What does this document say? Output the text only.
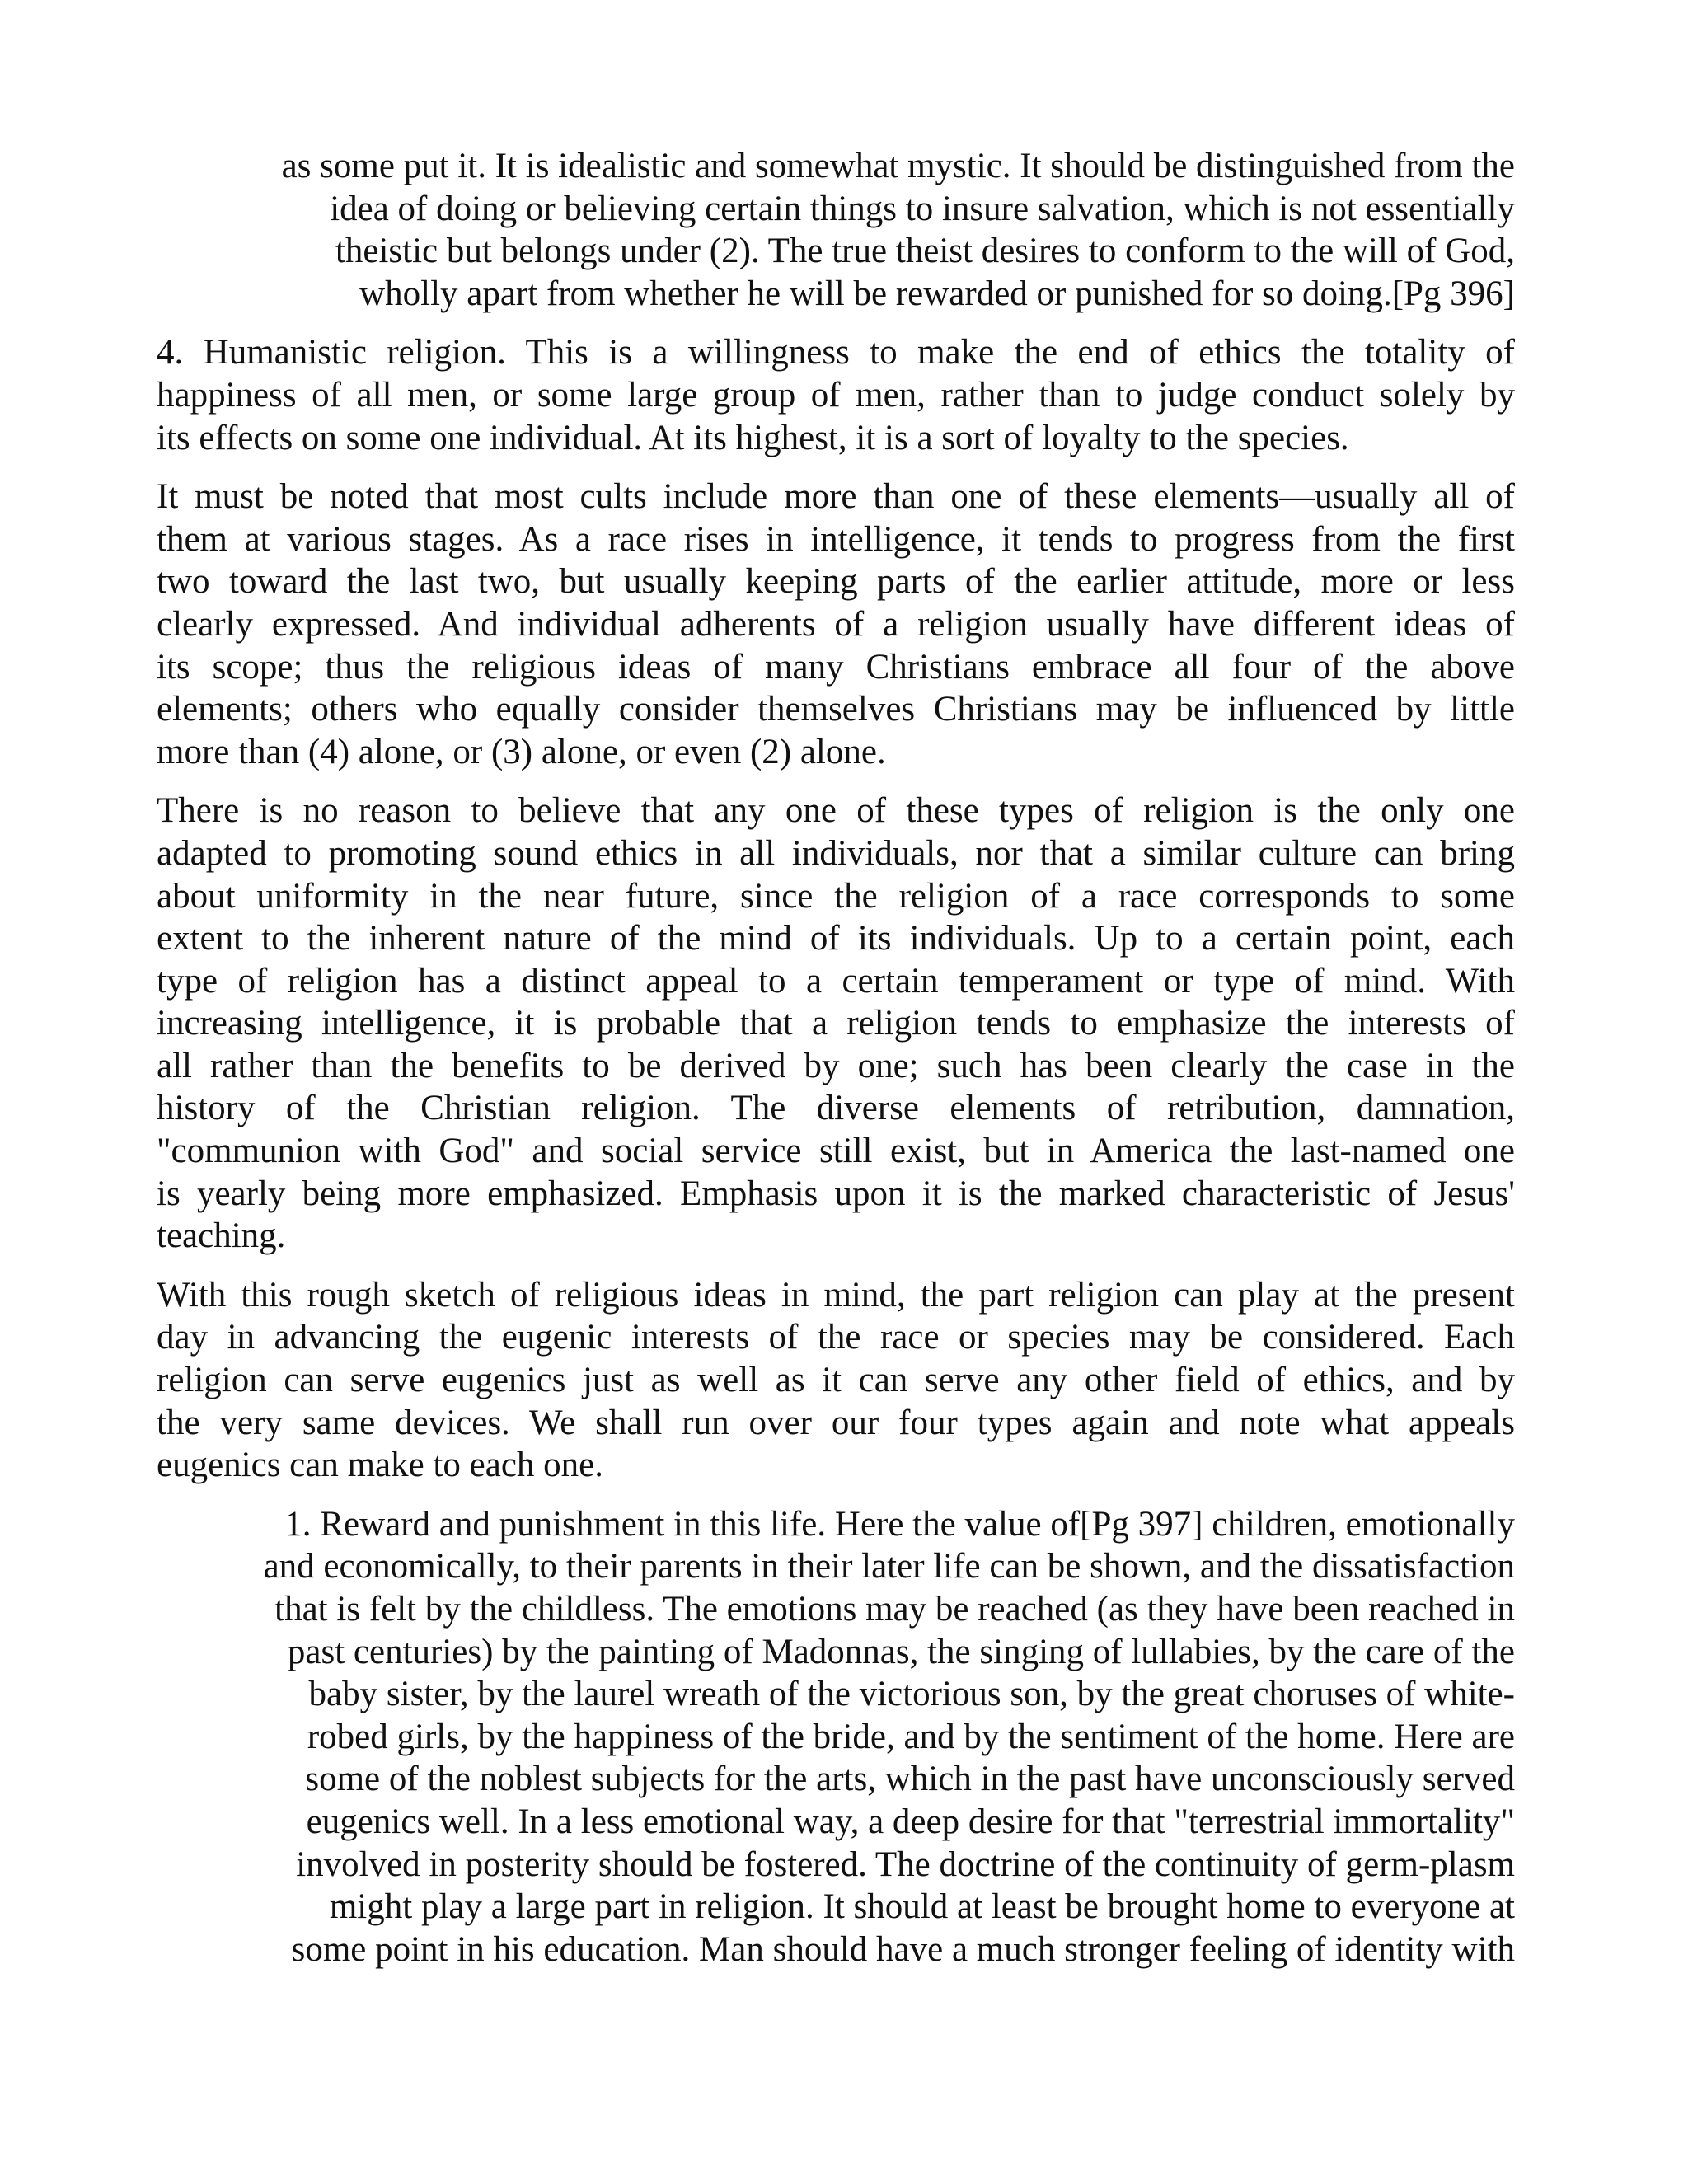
as some put it. It is idealistic and somewhat mystic. It should be distinguished from the
idea of doing or believing certain things to insure salvation, which is not essentially
theistic but belongs under (2). The true theist desires to conform to the will of God,
wholly apart from whether he will be rewarded or punished for so doing.[Pg 396]
4. Humanistic religion. This is a willingness to make the end of ethics the totality of
happiness of all men, or some large group of men, rather than to judge conduct solely by
its effects on some one individual. At its highest, it is a sort of loyalty to the species.
It must be noted that most cults include more than one of these elements—usually all of
them at various stages. As a race rises in intelligence, it tends to progress from the first
two toward the last two, but usually keeping parts of the earlier attitude, more or less
clearly expressed. And individual adherents of a religion usually have different ideas of
its scope; thus the religious ideas of many Christians embrace all four of the above
elements; others who equally consider themselves Christians may be influenced by little
more than (4) alone, or (3) alone, or even (2) alone.
There is no reason to believe that any one of these types of religion is the only one
adapted to promoting sound ethics in all individuals, nor that a similar culture can bring
about uniformity in the near future, since the religion of a race corresponds to some
extent to the inherent nature of the mind of its individuals. Up to a certain point, each
type of religion has a distinct appeal to a certain temperament or type of mind. With
increasing intelligence, it is probable that a religion tends to emphasize the interests of
all rather than the benefits to be derived by one; such has been clearly the case in the
history of the Christian religion. The diverse elements of retribution, damnation,
"communion with God" and social service still exist, but in America the last-named one
is yearly being more emphasized. Emphasis upon it is the marked characteristic of Jesus'
teaching.
With this rough sketch of religious ideas in mind, the part religion can play at the present
day in advancing the eugenic interests of the race or species may be considered. Each
religion can serve eugenics just as well as it can serve any other field of ethics, and by
the very same devices. We shall run over our four types again and note what appeals
eugenics can make to each one.
1. Reward and punishment in this life. Here the value of[Pg 397] children, emotionally
and economically, to their parents in their later life can be shown, and the dissatisfaction
that is felt by the childless. The emotions may be reached (as they have been reached in
past centuries) by the painting of Madonnas, the singing of lullabies, by the care of the
baby sister, by the laurel wreath of the victorious son, by the great choruses of white-
robed girls, by the happiness of the bride, and by the sentiment of the home. Here are
some of the noblest subjects for the arts, which in the past have unconsciously served
eugenics well. In a less emotional way, a deep desire for that "terrestrial immortality"
involved in posterity should be fostered. The doctrine of the continuity of germ-plasm
might play a large part in religion. It should at least be brought home to everyone at
some point in his education. Man should have a much stronger feeling of identity with
